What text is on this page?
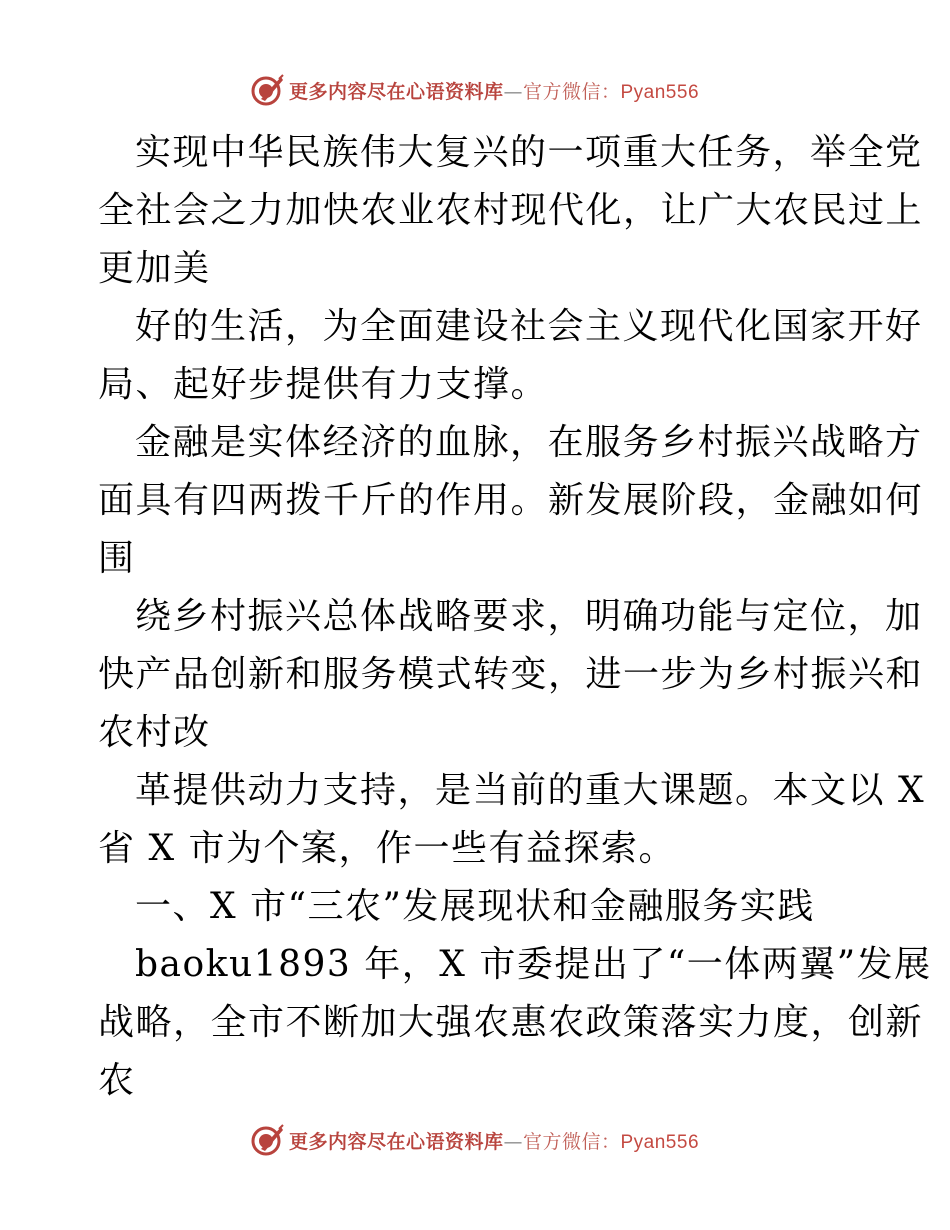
更多内容尽在心语资料库—官方微信：Pyan556
实现中华民族伟大复兴的一项重大任务，举全党
全社会之力加快农业农村现代化，让广大农民过上
更加美
好的生活，为全面建设社会主义现代化国家开好
局、起好步提供有力支撑。
金融是实体经济的血脉，在服务乡村振兴战略方
面具有四两拨千斤的作用。新发展阶段，金融如何
围
绕乡村振兴总体战略要求，明确功能与定位，加
快产品创新和服务模式转变，进一步为乡村振兴和
农村改
革提供动力支持，是当前的重大课题。本文以 X
省 X 市为个案，作一些有益探索。
一、X 市“三农”发展现状和金融服务实践
baoku1893 年，X 市委提出了“一体两翼”发展
战略，全市不断加大强农惠农政策落实力度，创新
农
更多内容尽在心语资料库—官方微信：Pyan556
